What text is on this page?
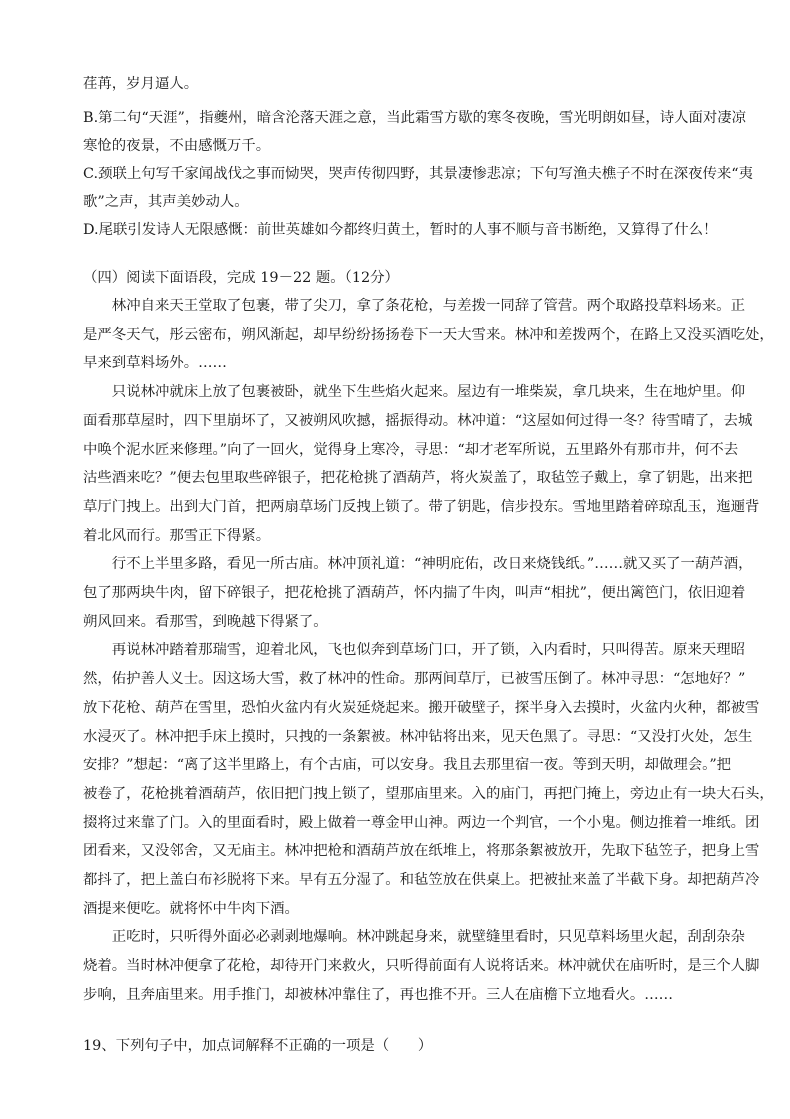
荏苒，岁月逼人。
B.第二句“天涯”，指夔州，暗含沦落天涯之意，当此霜雪方歇的寒冬夜晚，雪光明朗如昼，诗人面对凄凉
寒怆的夜景，不由感慨万千。
C.颈联上句写千家闻战伐之事而恸哭，哭声传彻四野，其景凄惨悲凉；下句写渔夫樵子不时在深夜传来“夷
歌”之声，其声美妙动人。
D.尾联引发诗人无限感慨：前世英雄如今都终归黄土，暂时的人事不顺与音书断绝，又算得了什么！
（四）阅读下面语段，完成 19－22 题。（12分）
林冲自来天王堂取了包裹，带了尖刀，拿了条花枪，与差拨一同辞了管营。两个取路投草料场来。正
是严冬天气，彤云密布，朔风渐起，却早纷纷扬扬卷下一天大雪来。林冲和差拨两个，在路上又没买酒吃处，
早来到草料场外。……
只说林冲就床上放了包裹被卧，就坐下生些焰火起来。屋边有一堆柴炭，拿几块来，生在地炉里。仰
面看那草屋时，四下里崩坏了，又被朔风吹撼，摇振得动。林冲道：“这屋如何过得一冬？待雪晴了，去城
中唤个泥水匠来修理。”向了一回火，觉得身上寒冷，寻思：“却才老军所说，五里路外有那市井，何不去
沽些酒来吃？”便去包里取些碎银子，把花枪挑了酒葫芦，将火炭盖了，取毡笠子戴上，拿了钥匙，出来把
草厅门拽上。出到大门首，把两扇草场门反拽上锁了。带了钥匙，信步投东。雪地里踏着碎琼乱玉，迤逦背
着北风而行。那雪正下得紧。
行不上半里多路，看见一所古庙。林冲顶礼道：“神明庇佑，改日来烧钱纸。”……就又买了一葫芦酒，
包了那两块牛肉，留下碎银子，把花枪挑了酒葫芦，怀内揣了牛肉，叫声“相扰”，便出篱笆门，依旧迎着
朔风回来。看那雪，到晚越下得紧了。
再说林冲踏着那瑞雪，迎着北风，飞也似奔到草场门口，开了锁，入内看时，只叫得苦。原来天理昭
然，佑护善人义士。因这场大雪，救了林冲的性命。那两间草厅，已被雪压倒了。林冲寻思：“怎地好？”
放下花枪、葫芦在雪里，恐怕火盆内有火炭延烧起来。搬开破壁子，探半身入去摸时，火盆内火种，都被雪
水浸灭了。林冲把手床上摸时，只拽的一条絮被。林冲钻将出来，见天色黑了。寻思：“又没打火处，怎生
安排？”想起：“离了这半里路上，有个古庙，可以安身。我且去那里宿一夜。等到天明，却做理会。”把
被卷了，花枪挑着酒葫芦，依旧把门拽上锁了，望那庙里来。入的庙门，再把门掩上，旁边止有一块大石头，
掇将过来靠了门。入的里面看时，殿上做着一尊金甲山神。两边一个判官，一个小鬼。侧边推着一堆纸。团
团看来，又没邻舍，又无庙主。林冲把枪和酒葫芦放在纸堆上，将那条絮被放开，先取下毡笠子，把身上雪
都抖了，把上盖白布衫脱将下来。早有五分湿了。和毡笠放在供桌上。把被扯来盖了半截下身。却把葫芦冷
酒提来便吃。就将怀中牛肉下酒。
正吃时，只听得外面必必剥剥地爆响。林冲跳起身来，就壁缝里看时，只见草料场里火起，刮刮杂杂
烧着。当时林冲便拿了花枪，却待开门来救火，只听得前面有人说将话来。林冲就伏在庙听时，是三个人脚
步响，且奔庙里来。用手推门，却被林冲靠住了，再也推不开。三人在庙檐下立地看火。……
19、下列句子中，加点词解释不正确的一项是（　　）
